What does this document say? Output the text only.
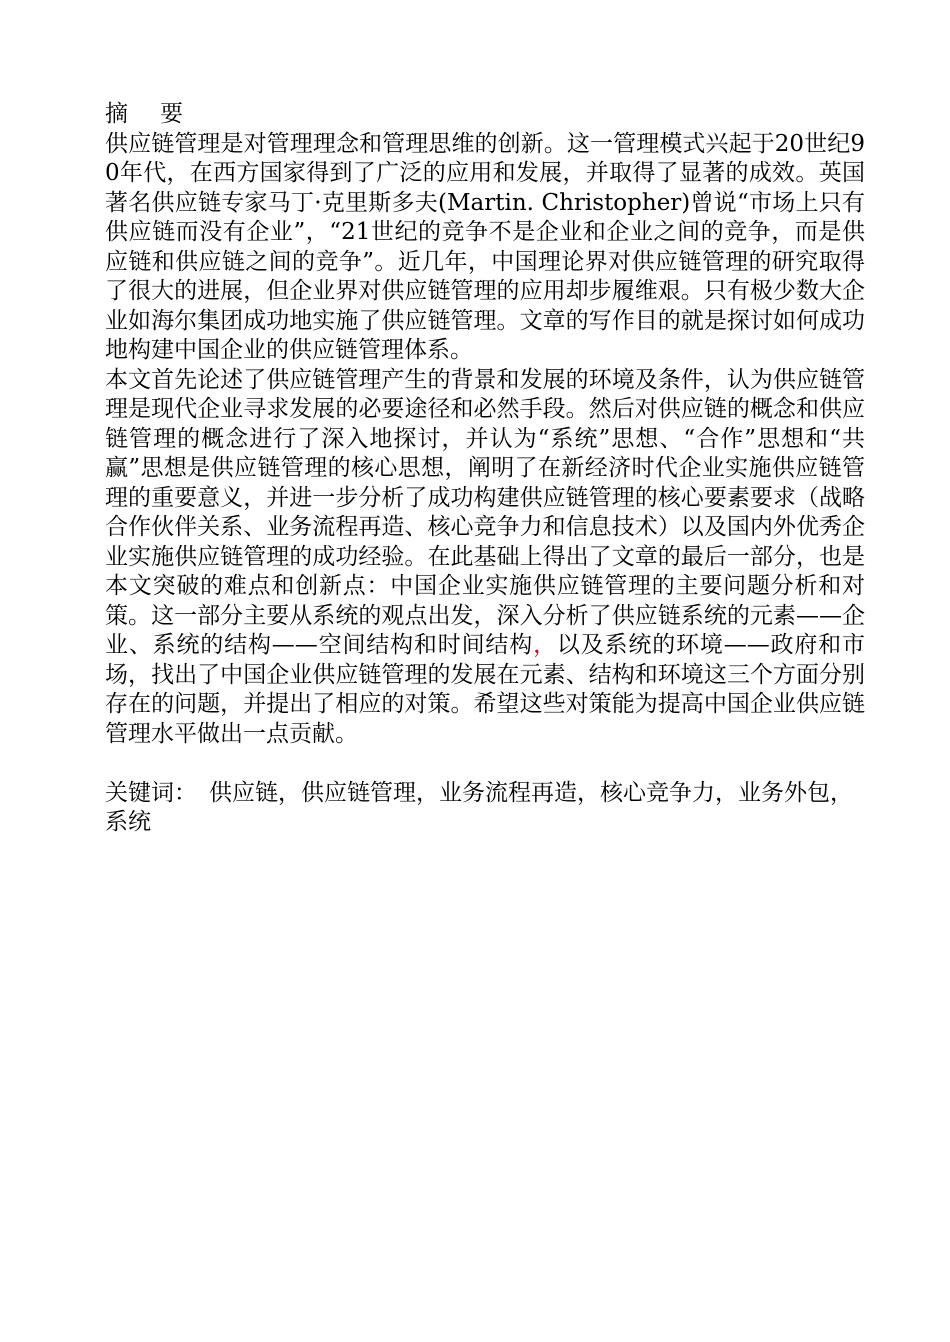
摘 要

供应链管理是对管理理念和管理思维的创新。这一管理模式兴起于20世纪90年代，在西方国家得到了广泛的应用和发展，并取得了显著的成效。英国著名供应链专家马丁·克里斯多夫(Martin. Christopher)曾说“市场上只有供应链而没有企业”，“21世纪的竞争不是企业和企业之间的竞争，而是供应链和供应链之间的竞争”。近几年，中国理论界对供应链管理的研究取得了很大的进展，但企业界对供应链管理的应用却步履维艰。只有极少数大企业如海尔集团成功地实施了供应链管理。文章的写作目的就是探讨如何成功地构建中国企业的供应链管理体系。

本文首先论述了供应链管理产生的背景和发展的环境及条件，认为供应链管理是现代企业寻求发展的必要途径和必然手段。然后对供应链的概念和供应链管理的概念进行了深入地探讨，并认为“系统”思想、“合作”思想和“共赢”思想是供应链管理的核心思想，阐明了在新经济时代企业实施供应链管理的重要意义，并进一步分析了成功构建供应链管理的核心要素要求（战略合作伙伴关系、业务流程再造、核心竞争力和信息技术）以及国内外优秀企业实施供应链管理的成功经验。在此基础上得出了文章的最后一部分，也是本文突破的难点和创新点：中国企业实施供应链管理的主要问题分析和对策。这一部分主要从系统的观点出发，深入分析了供应链系统的元素——企业、系统的结构——空间结构和时间结构，以及系统的环境——政府和市场，找出了中国企业供应链管理的发展在元素、结构和环境这三个方面分别存在的问题，并提出了相应的对策。希望这些对策能为提高中国企业供应链管理水平做出一点贡献。

关键词： 供应链，供应链管理，业务流程再造，核心竞争力，业务外包，

系统
